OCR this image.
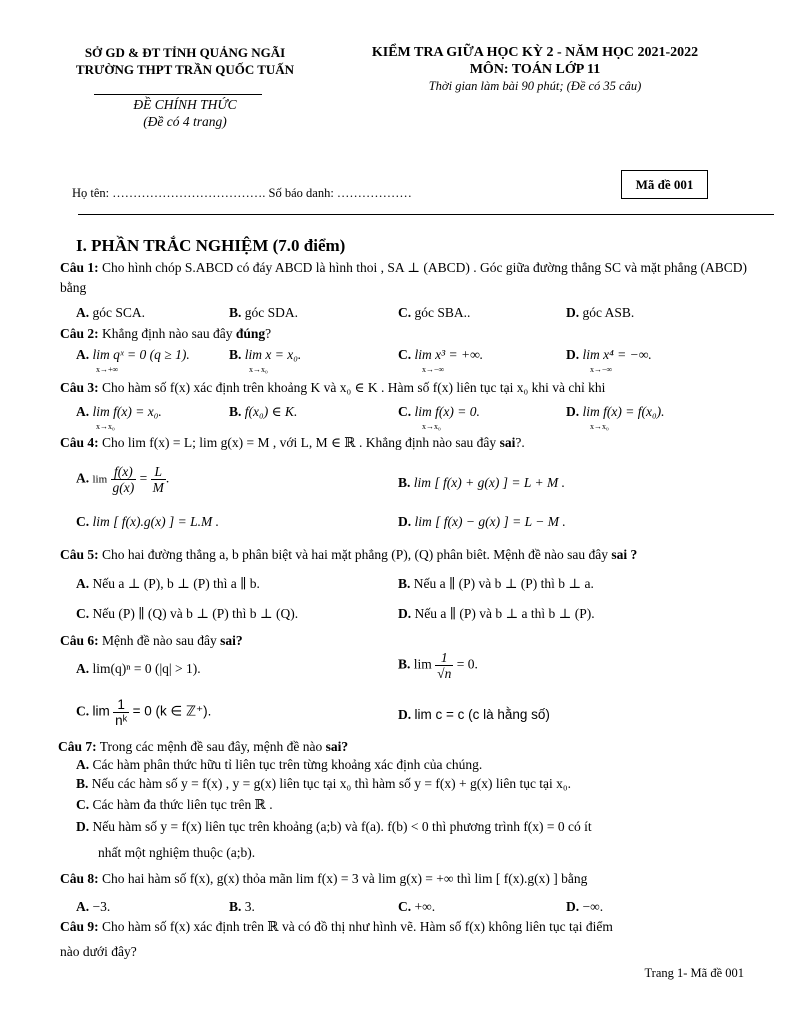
SỞ GD & ĐT TỈNH QUẢNG NGÃI
TRƯỜNG THPT TRẦN QUỐC TUẤN
ĐỀ CHÍNH THỨC
(Đề có 4 trang)
KIỂM TRA GIỮA HỌC KỲ 2 - NĂM HỌC 2021-2022
MÔN: TOÁN LỚP 11
Thời gian làm bài 90 phút; (Đề có 35 câu)
Mã đề 001
Họ tên: ………………………………. Số báo danh: ………………
I. PHẦN TRẮC NGHIỆM (7.0 điểm)
Câu 1: Cho hình chóp S.ABCD có đáy ABCD là hình thoi , SA ⊥ (ABCD) . Góc giữa đường thẳng SC và mặt phẳng (ABCD) bằng
A. góc SCA.	B. góc SDA.	C. góc SBA..	D. góc ASB.
Câu 2: Khẳng định nào sau đây đúng?
A. lim qˣ = 0 (q ≥ 1).
x→+∞
B. lim x = x₀.
x→x₀
C. lim x³ = +∞.
x→−∞
D. lim x⁴ = −∞.
x→−∞
Câu 3: Cho hàm số f(x) xác định trên khoảng K và x₀ ∈ K . Hàm số f(x) liên tục tại x₀ khi và chỉ khi
A. lim f(x) = x₀.
x→x₀
B. f(x₀) ∈ K.	C. lim f(x) = 0.
x→x₀
D. lim f(x) = f(x₀).
x→x₀
Câu 4: Cho lim f(x) = L; lim g(x) = M , với L, M ∈ ℝ . Khẳng định nào sau đây sai?.
A. $\lim \frac{f(x)}{g(x)} = \frac{L}{M}$ .	B. lim [ f(x) + g(x) ] = L + M .
C. lim [ f(x).g(x) ] = L.M .	D. lim [ f(x) − g(x) ] = L − M .
Câu 5: Cho hai đường thẳng a, b phân biệt và hai mặt phẳng (P), (Q) phân biêt. Mệnh đề nào sau đây sai ?
A. Nếu a ⊥ (P), b ⊥ (P) thì a ∥ b.	B. Nếu a ∥ (P) và b ⊥ (P) thì b ⊥ a.
C. Nếu (P) ∥ (Q) và b ⊥ (P) thì b ⊥ (Q).	D. Nếu a ∥ (P) và b ⊥ a thì b ⊥ (P).
Câu 6: Mệnh đề nào sau đây sai?
A. lim(q)ⁿ = 0 (|q| > 1).	B. $\lim \frac{1}{√n} = 0$.
C. $\lim \frac{1}{\text{nᵏ}} = 0$ (k ∈ ℤ⁺).	D. lim c = c (c là hằng số)
Câu 7: Trong các mệnh đề sau đây, mệnh đề nào sai?
A. Các hàm phân thức hữu tỉ liên tục trên từng khoảng xác định của chúng.
B. Nếu các hàm số y = f(x) , y = g(x) liên tục tại x₀ thì hàm số y = f(x) + g(x) liên tục tại x₀.
C. Các hàm đa thức liên tục trên ℝ .
D. Nếu hàm số y = f(x) liên tục trên khoảng (a;b) và f(a). f(b) < 0 thì phương trình f(x) = 0 có ít
nhất một nghiệm thuộc (a;b).
Câu 8: Cho hai hàm số f(x), g(x) thỏa mãn lim f(x) = 3 và lim g(x) = +∞ thì lim [ f(x).g(x) ] bằng
A. −3.	B. 3.	C. +∞.	D. −∞.
Câu 9: Cho hàm số f(x) xác định trên ℝ và có đồ thị như hình vẽ. Hàm số f(x) không liên tục tại điểm
nào dưới đây?
Trang 1- Mã đề 001
